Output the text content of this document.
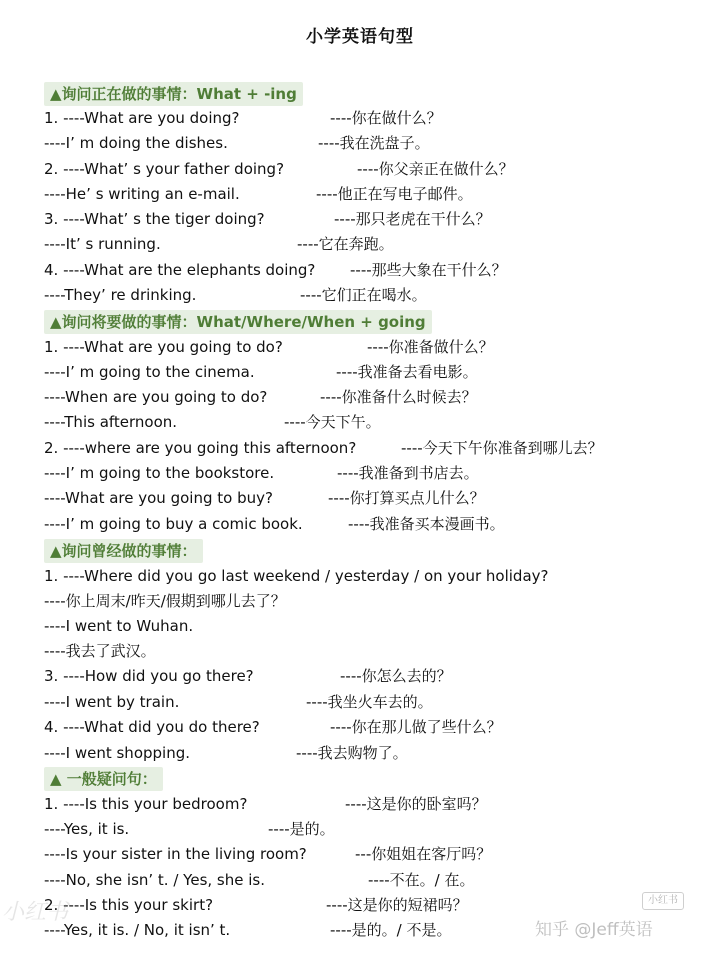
小学英语句型
▲询问正在做的事情：What + -ing
▲询问将要做的事情：What/Where/When + going
▲询问曾经做的事情：
▲ 一般疑问句：
1. ----What are you doing?	----你在做什么？
----I’ m doing the dishes.	----我在洗盘子。
2. ----What’ s your father doing?	----你父亲正在做什么？
----He’ s writing an e-mail.	----他正在写电子邮件。
3. ----What’ s the tiger doing?	----那只老虎在干什么？
----It’ s running.	----它在奔跑。
4. ----What are the elephants doing? ----那些大象在干什么？
----They’ re drinking.	----它们正在喝水。
1. ----What are you going to do?	----你准备做什么？
----I’ m going to the cinema.	----我准备去看电影。
----When are you going to do?	----你准备什么时候去？
----This afternoon.	----今天下午。
2. ----where are you going this afternoon?	----今天下午你准备到哪儿去？
----I’ m going to the bookstore.	----我准备到书店去。
----What are you going to buy?	----你打算买点儿什么？
----I’ m going to buy a comic book.	----我准备买本漫画书。
1. ----Where did you go last weekend / yesterday / on your holiday?
----你上周末/昨天/假期到哪儿去了？
----I went to Wuhan.
----我去了武汉。
3. ----How did you go there?	----你怎么去的？
----I went by train.	----我坐火车去的。
4. ----What did you do there?	----你在那儿做了些什么？
----I went shopping.	----我去购物了。
1. ----Is this your bedroom?	----这是你的卧室吗？
----Yes, it is.	----是的。
----Is your sister in the living room?	---你姐姐在客厅吗？
----No, she isn’ t. / Yes, she is.	----不在。/ 在。
2. ----Is this your skirt?	----这是你的短裙吗？
----Yes, it is. / No, it isn’ t.	----是的。/ 不是。
小红书	小红书
知乎 @Jeff英语
